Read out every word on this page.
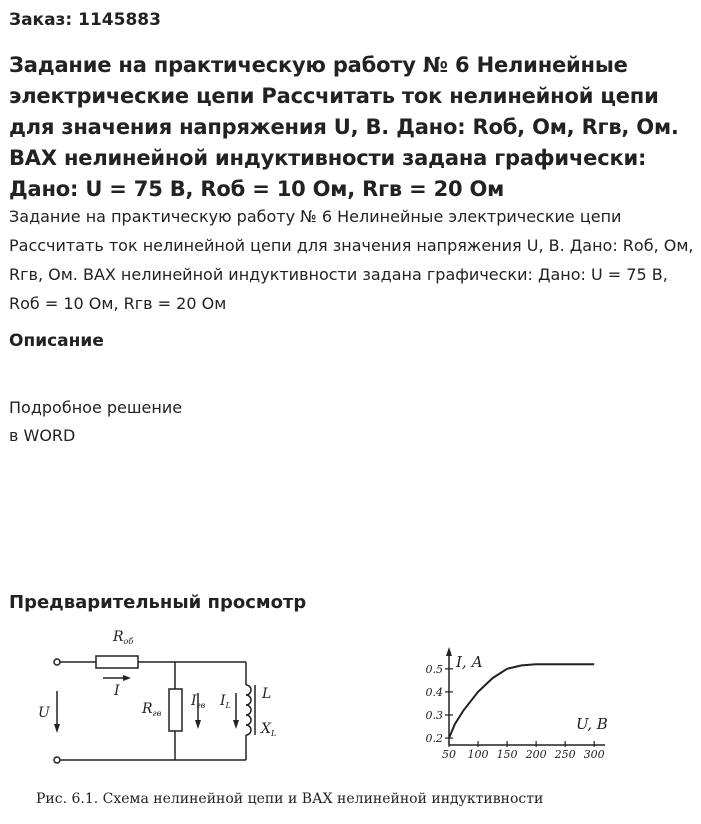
Заказ: 1145883
Задание на практическую работу № 6 Нелинейные электрические цепи Рассчитать ток нелинейной цепи для значения напряжения U, В. Дано: Rоб, Ом, Rгв, Ом. ВАХ нелинейной индуктивности задана графически: Дано: U = 75 В, Rоб = 10 Ом, Rгв = 20 Ом
Задание на практическую работу № 6 Нелинейные электрические цепи Рассчитать ток нелинейной цепи для значения напряжения U, В. Дано: Rоб, Ом, Rгв, Ом. ВАХ нелинейной индуктивности задана графически: Дано: U = 75 В, Rоб = 10 Ом, Rгв = 20 Ом
Описание
Подробное решение
в WORD
Предварительный просмотр
$R_{об}$
I
U	$R_{гв}$
$I_{гв}$ $I_L$
L
$X_L$	0.2
0.3
0.4
0.5
50 100 150 200 250 300
I, А
U, В
Рис. 6.1. Схема нелинейной цепи и ВАХ нелинейной индуктивности
